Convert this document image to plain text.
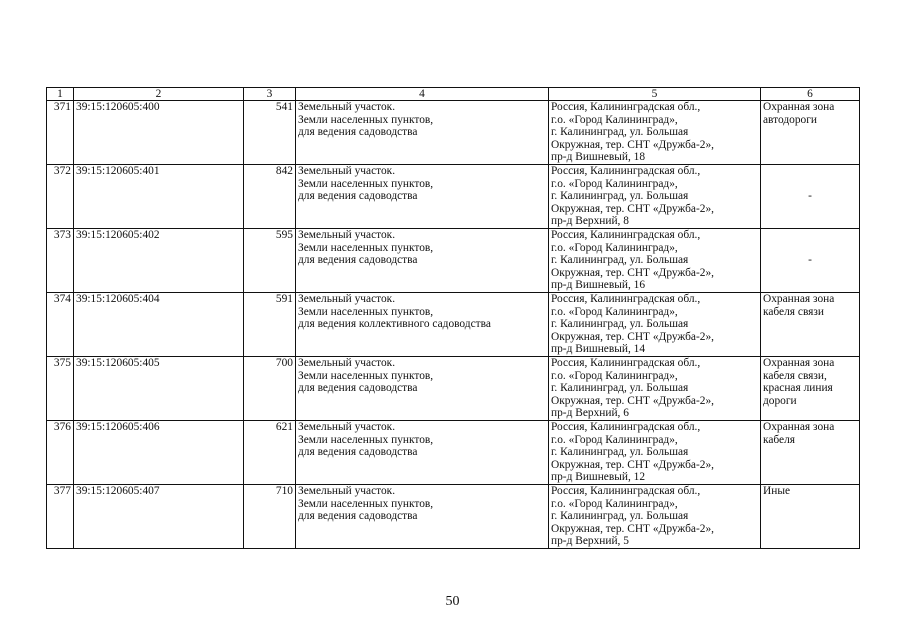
1	2	3	4	5	6
371	39:15:120605:400	541	Земельный участок.
Земли населенных пунктов,
для ведения садоводства	Россия, Калининградская обл.,
г.о. «Город Калининград»,
г. Калининград, ул. Большая
Окружная, тер. СНТ «Дружба-2»,
пр-д Вишневый, 18	Охранная зона
автодороги

372	39:15:120605:401	842	Земельный участок.
Земли населенных пунктов,
для ведения садоводства	Россия, Калининградская обл.,
г.о. «Город Калининград»,
г. Калининград, ул. Большая
Окружная, тер. СНТ «Дружба-2»,
пр-д Верхний, 8	-

373	39:15:120605:402	595	Земельный участок.
Земли населенных пунктов,
для ведения садоводства	Россия, Калининградская обл.,
г.о. «Город Калининград»,
г. Калининград, ул. Большая
Окружная, тер. СНТ «Дружба-2»,
пр-д Вишневый, 16	-

374	39:15:120605:404	591	Земельный участок.
Земли населенных пунктов,
для ведения коллективного садоводства	Россия, Калининградская обл.,
г.о. «Город Калининград»,
г. Калининград, ул. Большая
Окружная, тер. СНТ «Дружба-2»,
пр-д Вишневый, 14	Охранная зона
кабеля связи

375	39:15:120605:405	700	Земельный участок.
Земли населенных пунктов,
для ведения садоводства	Россия, Калининградская обл.,
г.о. «Город Калининград»,
г. Калининград, ул. Большая
Окружная, тер. СНТ «Дружба-2»,
пр-д Верхний, 6	Охранная зона
кабеля связи,
красная линия
дороги

376	39:15:120605:406	621	Земельный участок.
Земли населенных пунктов,
для ведения садоводства	Россия, Калининградская обл.,
г.о. «Город Калининград»,
г. Калининград, ул. Большая
Окружная, тер. СНТ «Дружба-2»,
пр-д Вишневый, 12	Охранная зона
кабеля

377	39:15:120605:407	710	Земельный участок.
Земли населенных пунктов,
для ведения садоводства	Россия, Калининградская обл.,
г.о. «Город Калининград»,
г. Калининград, ул. Большая
Окружная, тер. СНТ «Дружба-2»,
пр-д Верхний, 5	Иные
50
